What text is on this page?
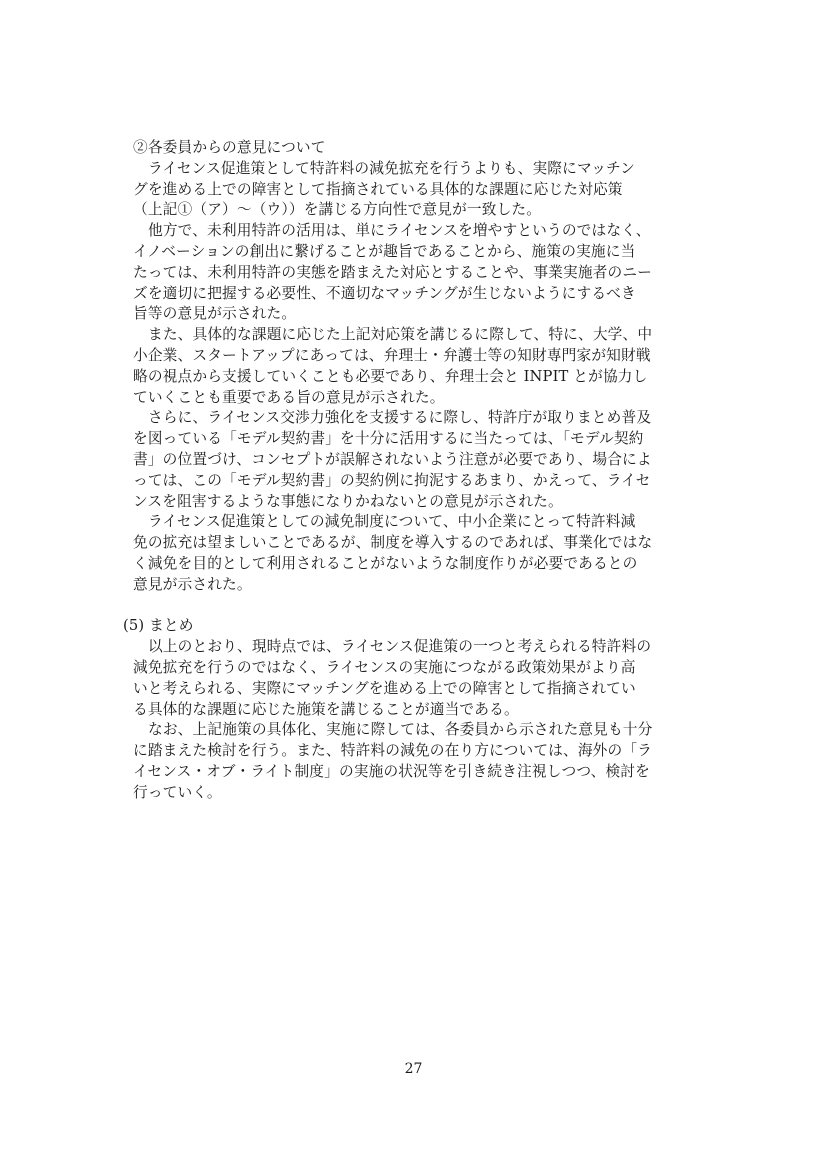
②各委員からの意見について
ライセンス促進策として特許料の減免拡充を行うよりも、実際にマッチン
グを進める上での障害として指摘されている具体的な課題に応じた対応策
（上記①（ア）～（ウ））を講じる方向性で意見が一致した。
他方で、未利用特許の活用は、単にライセンスを増やすというのではなく、
イノベーションの創出に繋げることが趣旨であることから、施策の実施に当
たっては、未利用特許の実態を踏まえた対応とすることや、事業実施者のニー
ズを適切に把握する必要性、不適切なマッチングが生じないようにするべき
旨等の意見が示された。
また、具体的な課題に応じた上記対応策を講じるに際して、特に、大学、中
小企業、スタートアップにあっては、弁理士・弁護士等の知財専門家が知財戦
略の視点から支援していくことも必要であり、弁理士会と INPIT とが協力し
ていくことも重要である旨の意見が示された。
さらに、ライセンス交渉力強化を支援するに際し、特許庁が取りまとめ普及
を図っている「モデル契約書」を十分に活用するに当たっては、「モデル契約
書」の位置づけ、コンセプトが誤解されないよう注意が必要であり、場合によ
っては、この「モデル契約書」の契約例に拘泥するあまり、かえって、ライセ
ンスを阻害するような事態になりかねないとの意見が示された。
ライセンス促進策としての減免制度について、中小企業にとって特許料減
免の拡充は望ましいことであるが、制度を導入するのであれば、事業化ではな
く減免を目的として利用されることがないような制度作りが必要であるとの
意見が示された。
(5) まとめ
以上のとおり、現時点では、ライセンス促進策の一つと考えられる特許料の
減免拡充を行うのではなく、ライセンスの実施につながる政策効果がより高
いと考えられる、実際にマッチングを進める上での障害として指摘されてい
る具体的な課題に応じた施策を講じることが適当である。
なお、上記施策の具体化、実施に際しては、各委員から示された意見も十分
に踏まえた検討を行う。また、特許料の減免の在り方については、海外の「ラ
イセンス・オブ・ライト制度」の実施の状況等を引き続き注視しつつ、検討を
行っていく。
27
